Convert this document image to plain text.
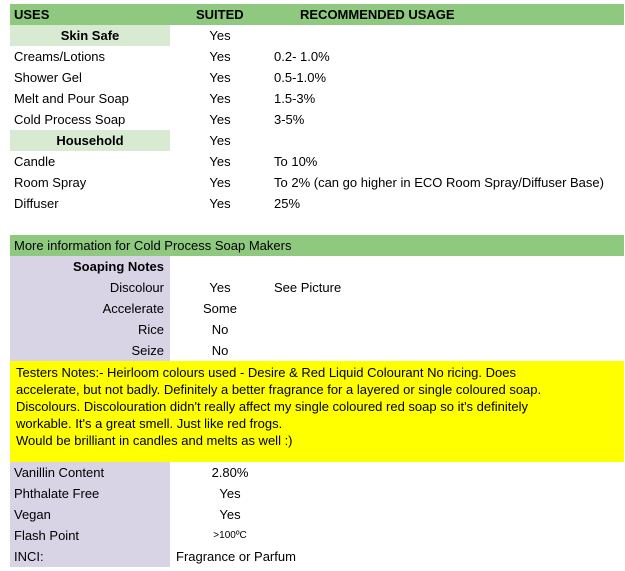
USES	SUITED	RECOMMENDED USAGE
Skin Safe	Yes
Creams/Lotions	Yes	0.2- 1.0%
Shower Gel	Yes	0.5-1.0%
Melt and Pour Soap	Yes	1.5-3%
Cold Process Soap	Yes	3-5%
Household	Yes
Candle	Yes	To 10%
Room Spray	Yes	To 2% (can go higher in ECO Room Spray/Diffuser Base)
Diffuser	Yes	25%
More information for Cold Process Soap Makers
Soaping Notes
Discolour	Yes	See Picture
Accelerate	Some
Rice	No
Seize	No
Testers Notes:- Heirloom colours used - Desire & Red Liquid Colourant No ricing. Does
accelerate, but not badly. Definitely a better fragrance for a layered or single coloured soap.
Discolours. Discolouration didn't really affect my single coloured red soap so it's definitely
workable. It's a great smell. Just like red frogs.
Would be brilliant in candles and melts as well :)
Vanillin Content	2.80%
Phthalate Free	Yes
Vegan	Yes
Flash Point	>100ºC
INCI:	Fragrance or Parfum
